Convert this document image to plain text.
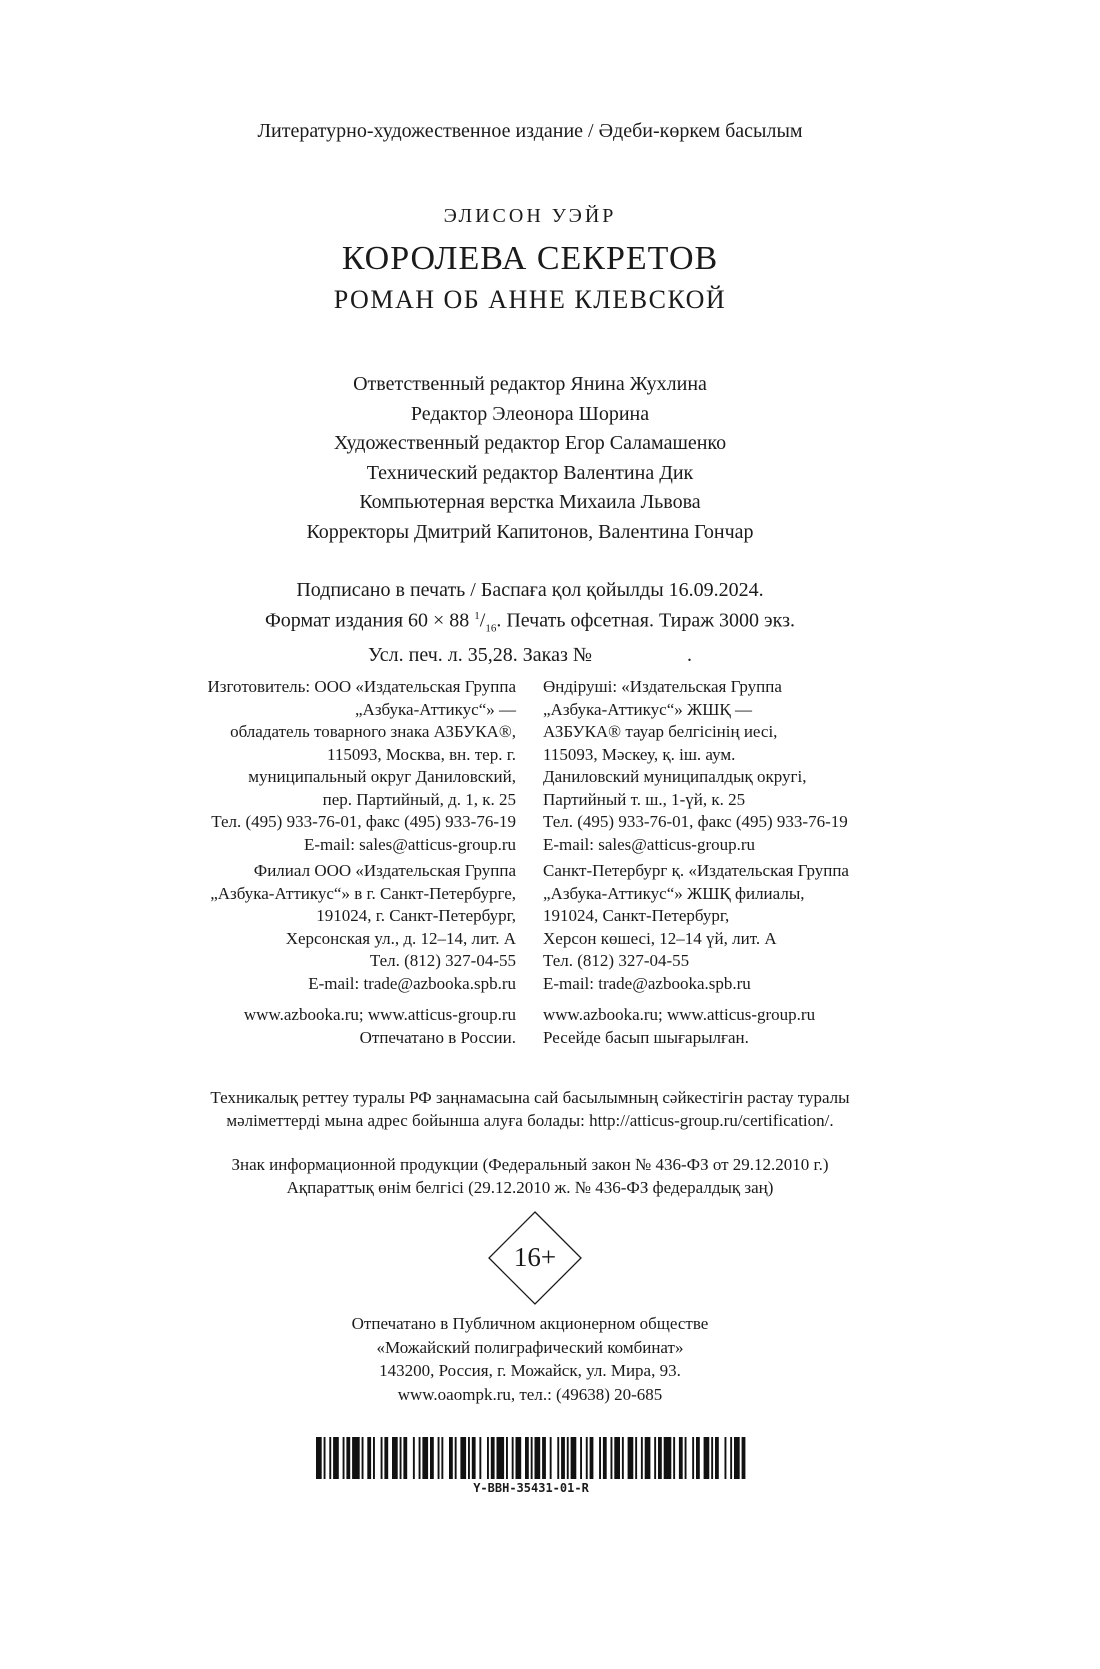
Литературно-художественное издание / Әдеби-көркем басылым
ЭЛИСОН УЭЙР
КОРОЛЕВА СЕКРЕТОВ
РОМАН ОБ АННЕ КЛЕВСКОЙ
Ответственный редактор Янина Жухлина
Редактор Элеонора Шорина
Художественный редактор Егор Саламашенко
Технический редактор Валентина Дик
Компьютерная верстка Михаила Львова
Корректоры Дмитрий Капитонов, Валентина Гончар
Подписано в печать / Баспаға қол қойылды 16.09.2024.
Формат издания 60 × 88 $^1/_{16}$. Печать офсетная. Тираж 3000 экз.
Усл. печ. л. 35,28. Заказ №	.
Изготовитель: ООО «Издательская Группа
„Азбука-Аттикус“» —
обладатель товарного знака АЗБУКА®,
115093, Москва, вн. тер. г.
муниципальный округ Даниловский,
пер. Партийный, д. 1, к. 25
Тел. (495) 933-76-01, факс (495) 933-76-19
E-mail: sales@atticus-group.ru
Филиал ООО «Издательская Группа
„Азбука-Аттикус“» в г. Санкт-Петербурге,
191024, г. Санкт-Петербург,
Херсонская ул., д. 12–14, лит. А
Тел. (812) 327-04-55
E-mail: trade@azbooka.spb.ru
www.azbooka.ru; www.atticus-group.ru
Отпечатано в России.
Өндіруші: «Издательская Группа
„Азбука-Аттикус“» ЖШҚ —
АЗБУКА® тауар белгісінің иесі,
115093, Мәскеу, қ. іш. аум.
Даниловский муниципалдық округі,
Партийный т. ш., 1-үй, к. 25
Тел. (495) 933-76-01, факс (495) 933-76-19
E-mail: sales@atticus-group.ru
Санкт-Петербург қ. «Издательская Группа
„Азбука-Аттикус“» ЖШҚ филиалы,
191024, Санкт-Петербург,
Херсон көшесі, 12–14 үй, лит. А
Тел. (812) 327-04-55
E-mail: trade@azbooka.spb.ru
www.azbooka.ru; www.atticus-group.ru
Ресейде басып шығарылған.
Техникалық реттеу туралы РФ заңнамасына сай басылымның сәйкестігін растау туралы
мәліметтерді мына адрес бойынша алуға болады: http://atticus-group.ru/certification/.
Знак информационной продукции (Федеральный закон № 436-ФЗ от 29.12.2010 г.)
Ақпараттық өнім белгісі (29.12.2010 ж. № 436-ФЗ федералдық заң)
16+
Отпечатано в Публичном акционерном обществе
«Можайский полиграфический комбинат»
143200, Россия, г. Можайск, ул. Мира, 93.
www.oaompk.ru, тел.: (49638) 20-685
Y-BBH-35431-01-R
